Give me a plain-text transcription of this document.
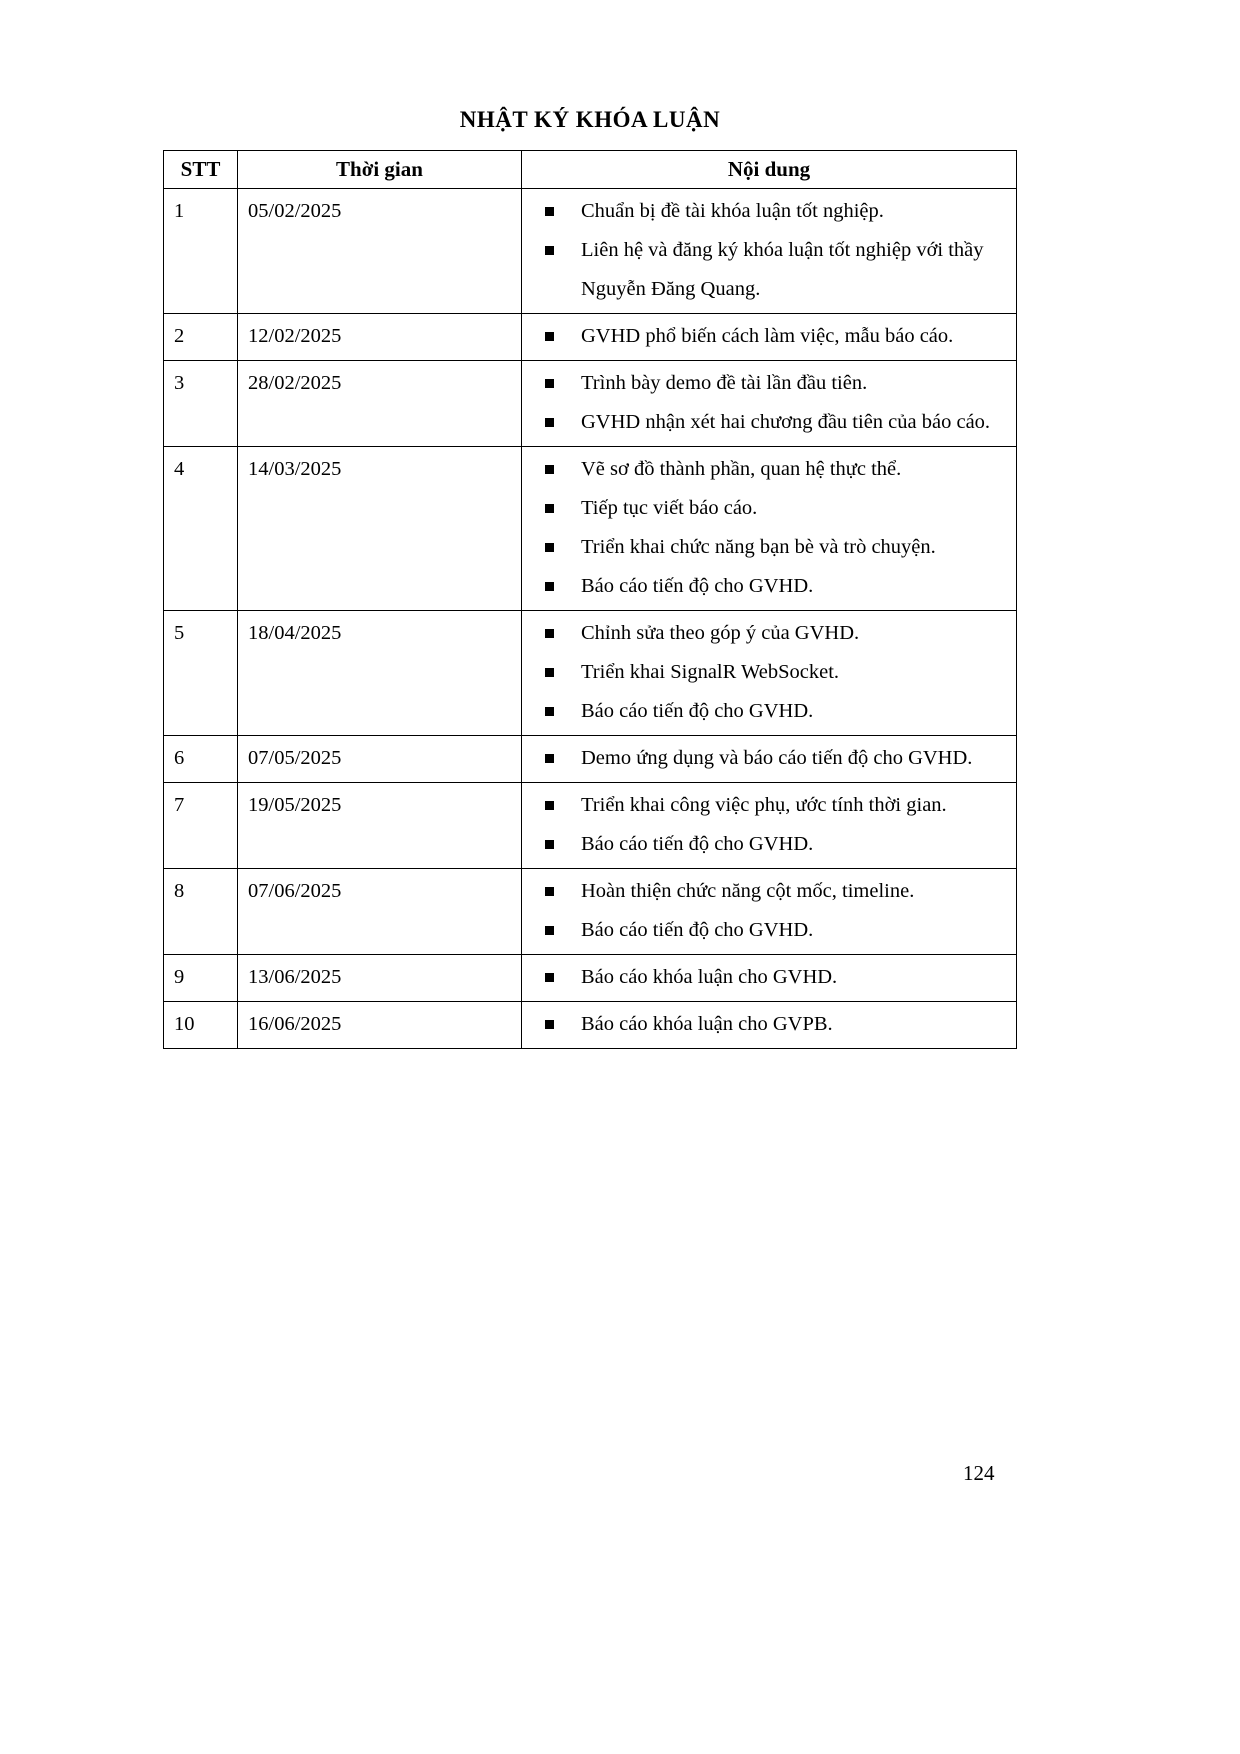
NHẬT KÝ KHÓA LUẬN
STT	Thời gian	Nội dung
1	05/02/2025	Chuẩn bị đề tài khóa luận tốt nghiệp.
Liên hệ và đăng ký khóa luận tốt nghiệp với thầy Nguyễn Đăng Quang.

2	12/02/2025	GVHD phổ biến cách làm việc, mẫu báo cáo.

3	28/02/2025	Trình bày demo đề tài lần đầu tiên.
GVHD nhận xét hai chương đầu tiên của báo cáo.

4	14/03/2025	Vẽ sơ đồ thành phần, quan hệ thực thể.
Tiếp tục viết báo cáo.
Triển khai chức năng bạn bè và trò chuyện.
Báo cáo tiến độ cho GVHD.

5	18/04/2025	Chỉnh sửa theo góp ý của GVHD.
Triển khai SignalR WebSocket.
Báo cáo tiến độ cho GVHD.

6	07/05/2025	Demo ứng dụng và báo cáo tiến độ cho GVHD.

7	19/05/2025	Triển khai công việc phụ, ước tính thời gian.
Báo cáo tiến độ cho GVHD.

8	07/06/2025	Hoàn thiện chức năng cột mốc, timeline.
Báo cáo tiến độ cho GVHD.

9	13/06/2025	Báo cáo khóa luận cho GVHD.

10	16/06/2025	Báo cáo khóa luận cho GVPB.
124
